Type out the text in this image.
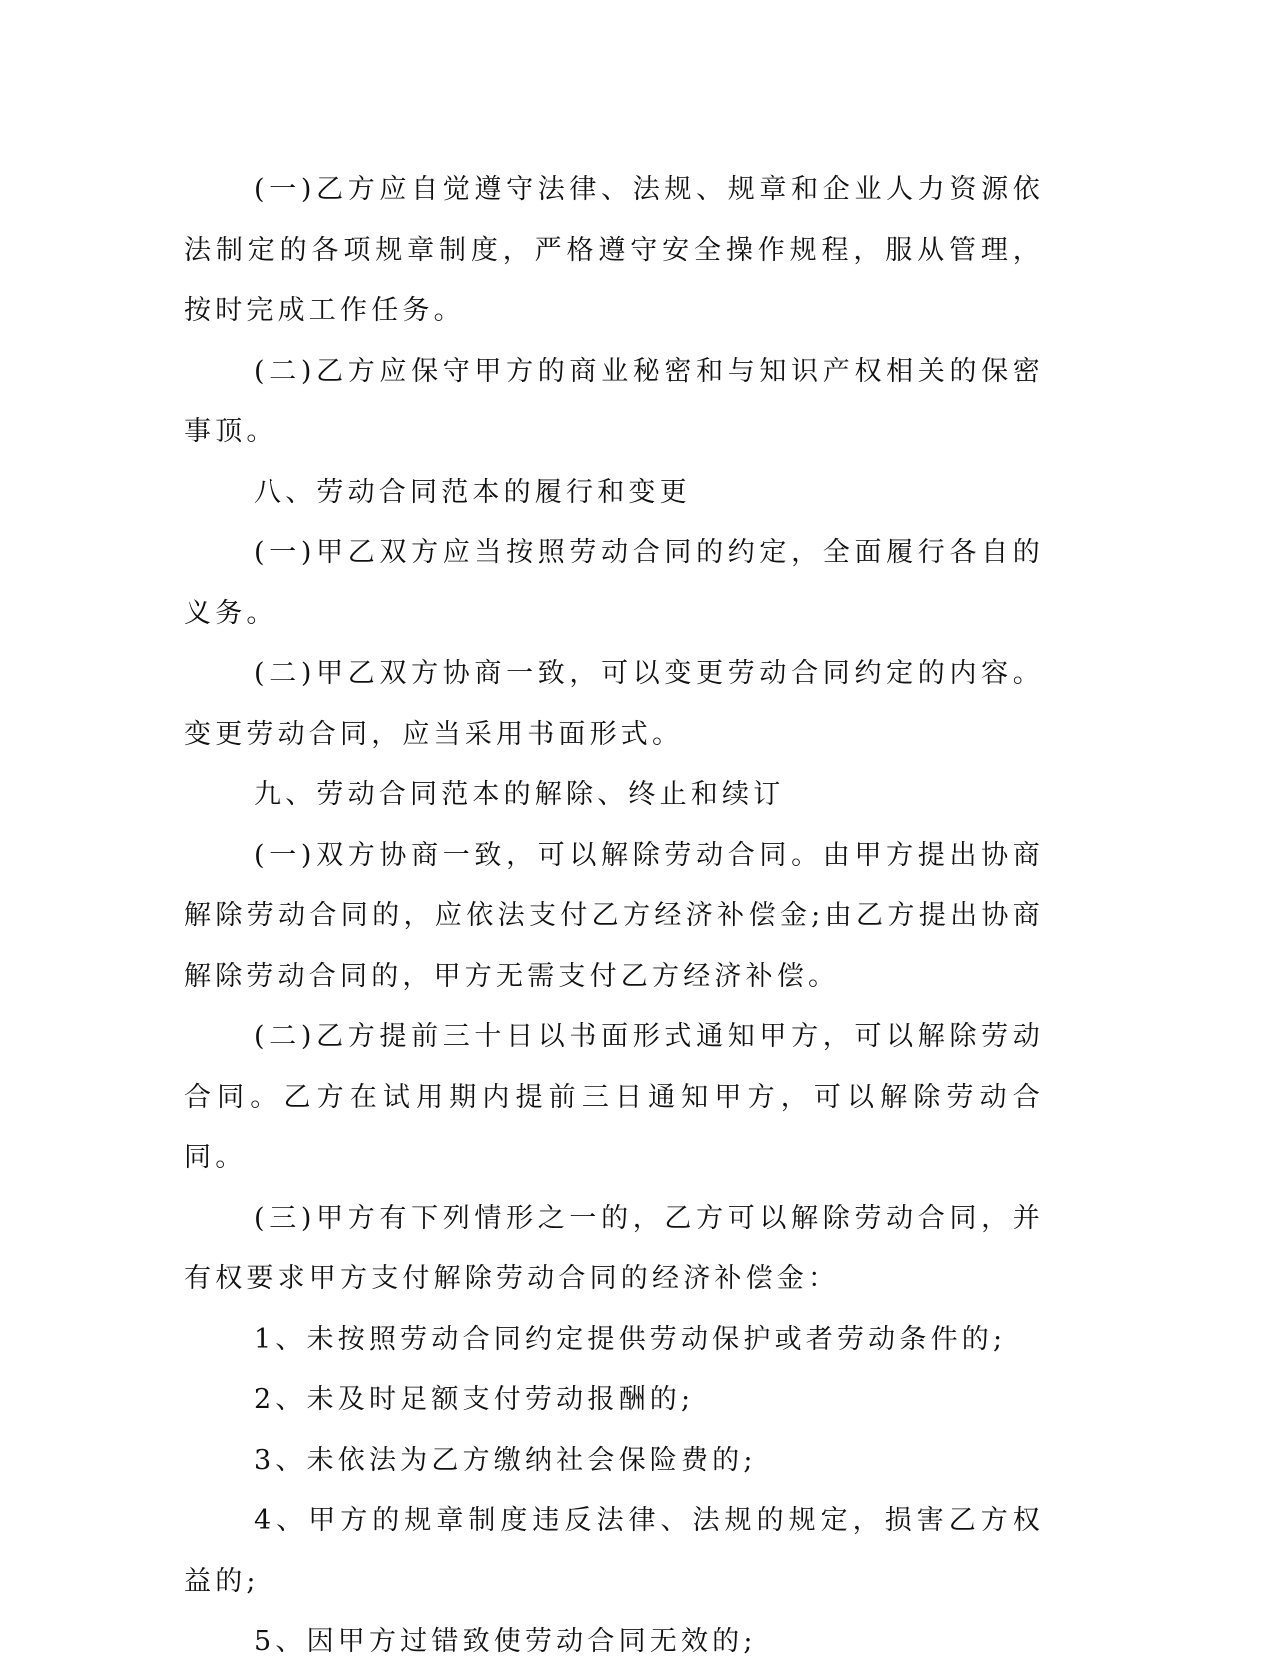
(一)乙方应自觉遵守法律、法规、规章和企业人力资源依法制定的各项规章制度，严格遵守安全操作规程，服从管理，按时完成工作任务。

(二)乙方应保守甲方的商业秘密和与知识产权相关的保密事顶。

八、劳动合同范本的履行和变更

(一)甲乙双方应当按照劳动合同的约定，全面履行各自的义务。

(二)甲乙双方协商一致，可以变更劳动合同约定的内容。变更劳动合同，应当采用书面形式。

九、劳动合同范本的解除、终止和续订

(一)双方协商一致，可以解除劳动合同。由甲方提出协商解除劳动合同的，应依法支付乙方经济补偿金;由乙方提出协商解除劳动合同的，甲方无需支付乙方经济补偿。

(二)乙方提前三十日以书面形式通知甲方，可以解除劳动合同。乙方在试用期内提前三日通知甲方，可以解除劳动合同。

(三)甲方有下列情形之一的，乙方可以解除劳动合同，并有权要求甲方支付解除劳动合同的经济补偿金：

1、未按照劳动合同约定提供劳动保护或者劳动条件的;

2、未及时足额支付劳动报酬的;

3、未依法为乙方缴纳社会保险费的;

4、甲方的规章制度违反法律、法规的规定，损害乙方权益的;

5、因甲方过错致使劳动合同无效的;
